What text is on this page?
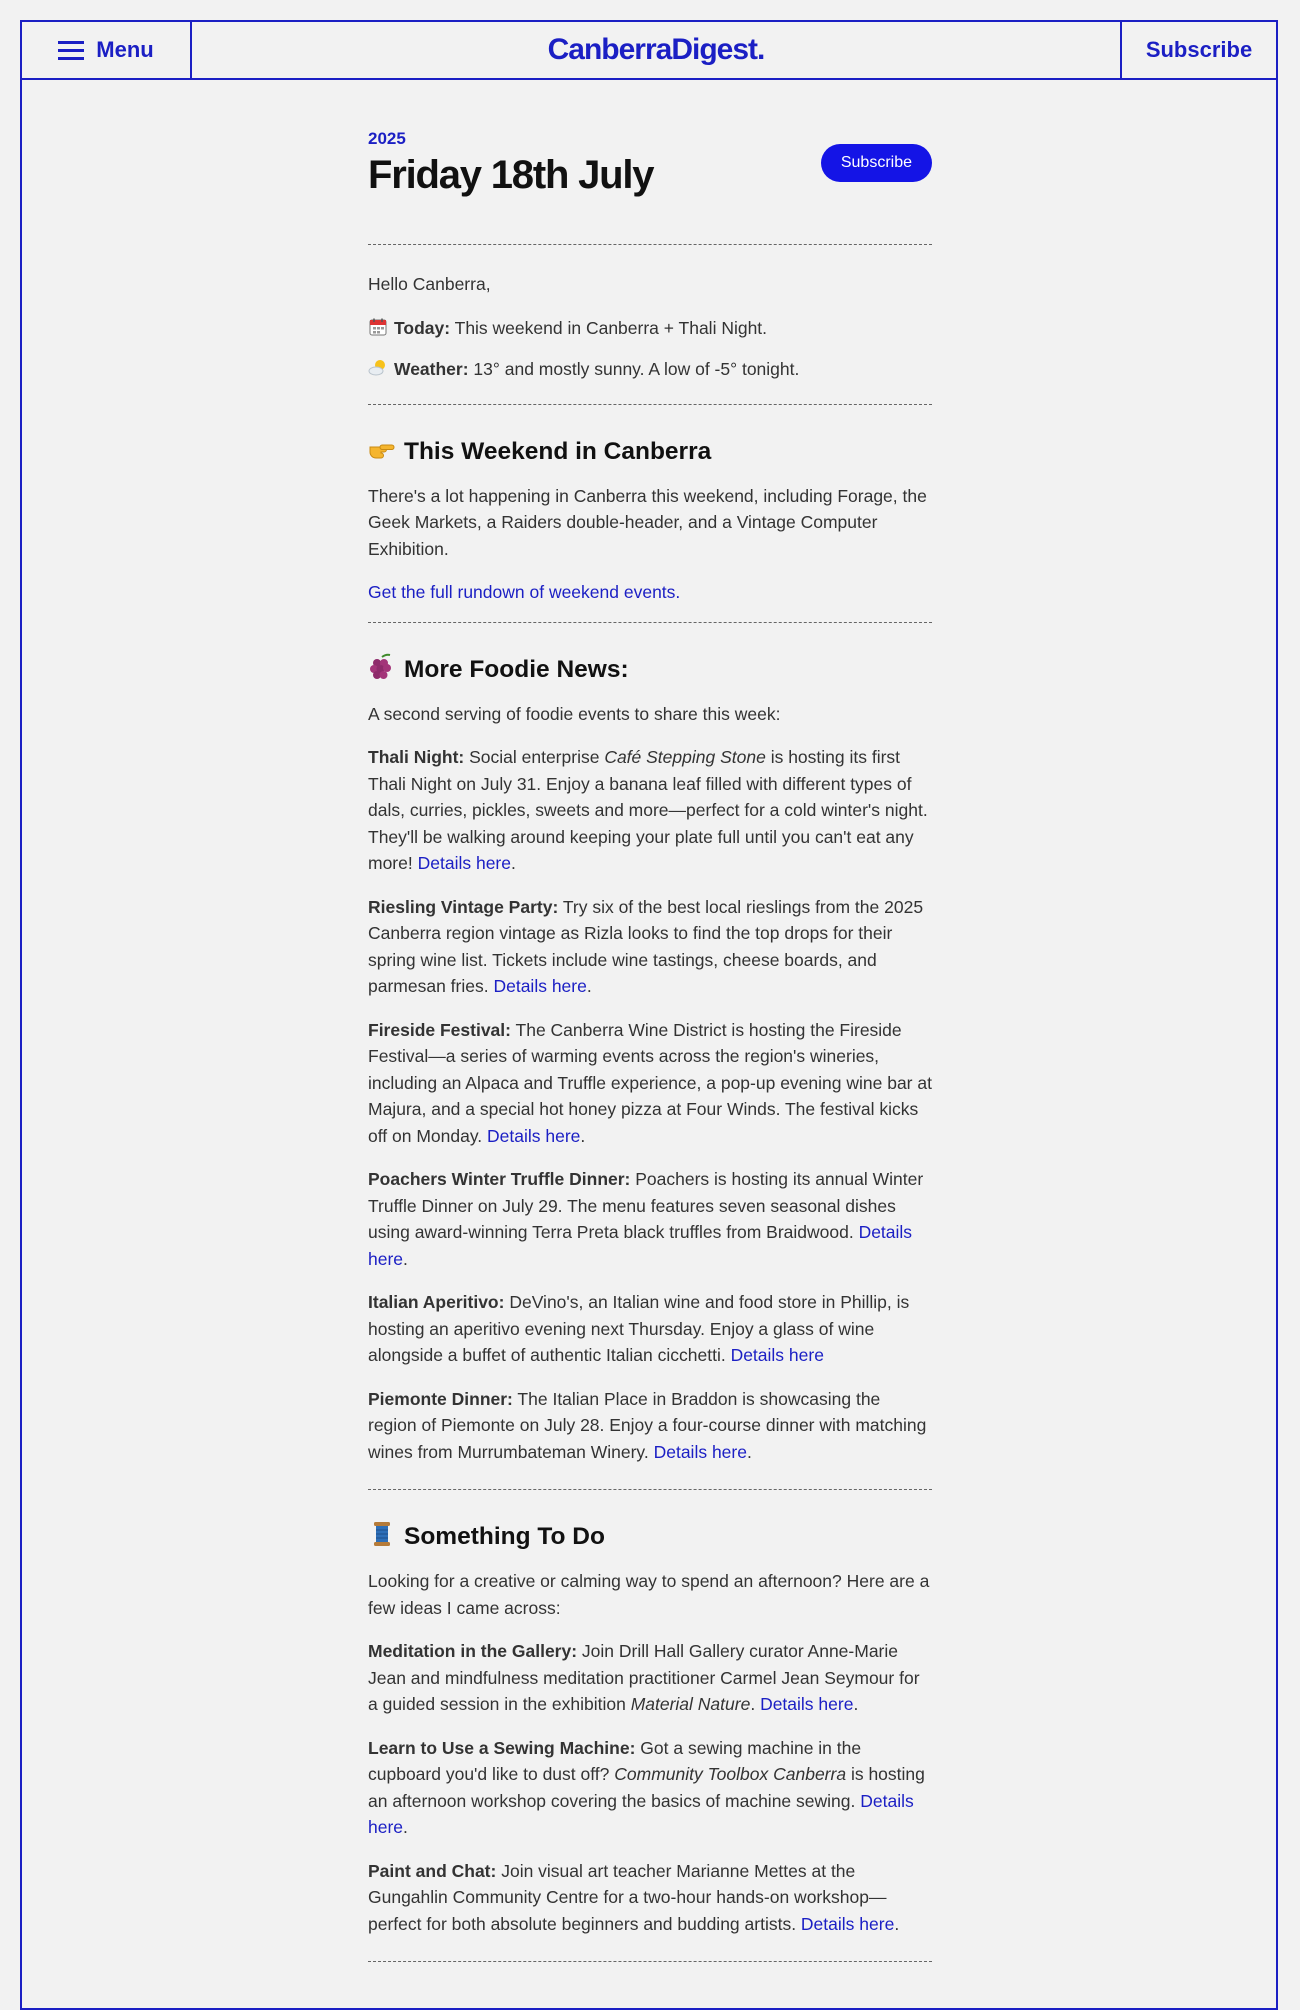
Menu	CanberraDigest.	Subscribe
2025
Friday 18th July	Subscribe

Hello Canberra,

Today: This weekend in Canberra + Thali Night.

Weather: 13° and mostly sunny. A low of -5° tonight.

This Weekend in Canberra

There's a lot happening in Canberra this weekend, including Forage, the Geek Markets, a Raiders double-header, and a Vintage Computer Exhibition.

Get the full rundown of weekend events.

More Foodie News:

A second serving of foodie events to share this week:

Thali Night: Social enterprise Café Stepping Stone is hosting its first Thali Night on July 31. Enjoy a banana leaf filled with different types of dals, curries, pickles, sweets and more—perfect for a cold winter's night. They'll be walking around keeping your plate full until you can't eat any more! Details here.

Riesling Vintage Party: Try six of the best local rieslings from the 2025 Canberra region vintage as Rizla looks to find the top drops for their spring wine list. Tickets include wine tastings, cheese boards, and parmesan fries. Details here.

Fireside Festival: The Canberra Wine District is hosting the Fireside Festival—a series of warming events across the region's wineries, including an Alpaca and Truffle experience, a pop-up evening wine bar at Majura, and a special hot honey pizza at Four Winds. The festival kicks off on Monday. Details here.

Poachers Winter Truffle Dinner: Poachers is hosting its annual Winter Truffle Dinner on July 29. The menu features seven seasonal dishes using award-winning Terra Preta black truffles from Braidwood. Details here.

Italian Aperitivo: DeVino's, an Italian wine and food store in Phillip, is hosting an aperitivo evening next Thursday. Enjoy a glass of wine alongside a buffet of authentic Italian cicchetti. Details here

Piemonte Dinner: The Italian Place in Braddon is showcasing the region of Piemonte on July 28. Enjoy a four-course dinner with matching wines from Murrumbateman Winery. Details here.

Something To Do

Looking for a creative or calming way to spend an afternoon? Here are a few ideas I came across:

Meditation in the Gallery: Join Drill Hall Gallery curator Anne-Marie Jean and mindfulness meditation practitioner Carmel Jean Seymour for a guided session in the exhibition Material Nature. Details here.

Learn to Use a Sewing Machine: Got a sewing machine in the cupboard you'd like to dust off? Community Toolbox Canberra is hosting an afternoon workshop covering the basics of machine sewing. Details here.

Paint and Chat: Join visual art teacher Marianne Mettes at the Gungahlin Community Centre for a two-hour hands-on workshop—perfect for both absolute beginners and budding artists. Details here.
